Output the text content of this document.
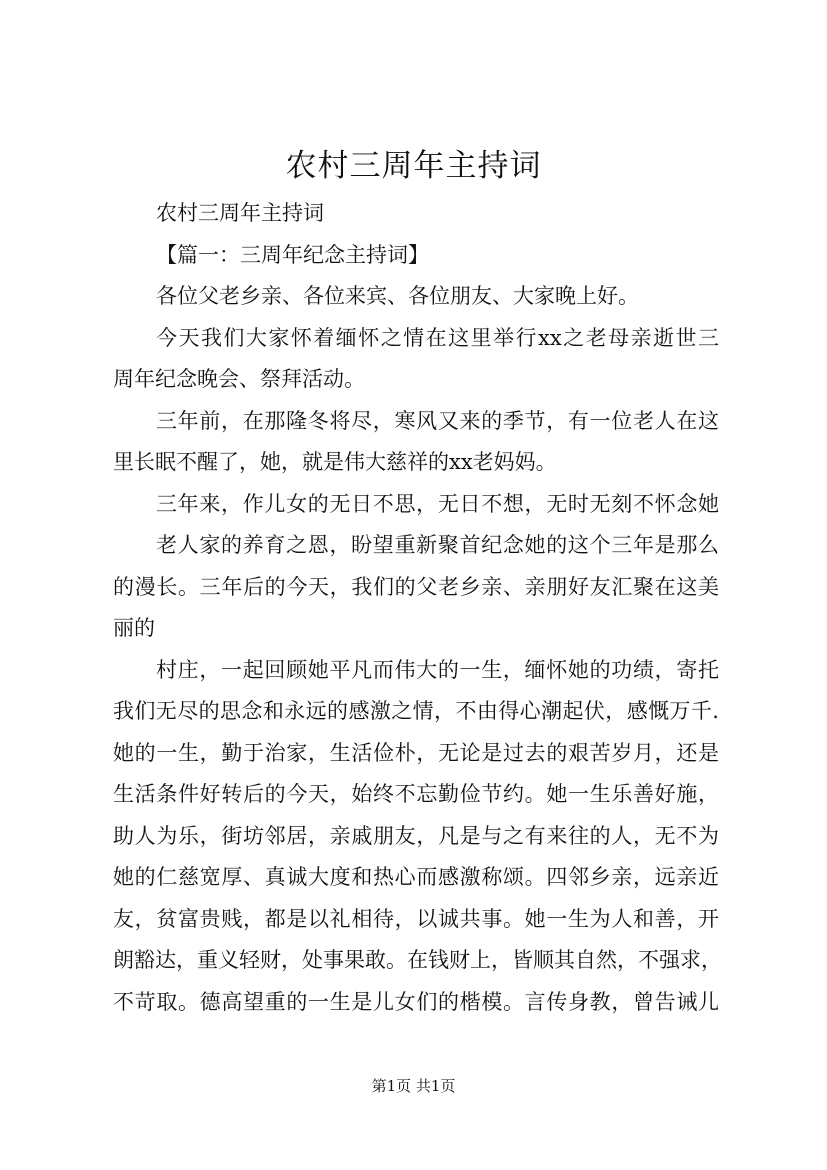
农村三周年主持词
农村三周年主持词
【篇一：三周年纪念主持词】
各位父老乡亲、各位来宾、各位朋友、大家晚上好。
今天我们大家怀着缅怀之情在这里举行xx之老母亲逝世三
周年纪念晚会、祭拜活动。
三年前，在那隆冬将尽，寒风又来的季节，有一位老人在这
里长眠不醒了，她，就是伟大慈祥的xx老妈妈。
三年来，作儿女的无日不思，无日不想，无时无刻不怀念她
老人家的养育之恩，盼望重新聚首纪念她的这个三年是那么
的漫长。三年后的今天，我们的父老乡亲、亲朋好友汇聚在这美
丽的
村庄，一起回顾她平凡而伟大的一生，缅怀她的功绩，寄托
我们无尽的思念和永远的感激之情，不由得心潮起伏，感慨万千.
她的一生，勤于治家，生活俭朴，无论是过去的艰苦岁月，还是
生活条件好转后的今天，始终不忘勤俭节约。她一生乐善好施，
助人为乐，街坊邻居，亲戚朋友，凡是与之有来往的人，无不为
她的仁慈宽厚、真诚大度和热心而感激称颂。四邻乡亲，远亲近
友，贫富贵贱，都是以礼相待，以诚共事。她一生为人和善，开
朗豁达，重义轻财，处事果敢。在钱财上，皆顺其自然，不强求，
不苛取。德高望重的一生是儿女们的楷模。言传身教，曾告诫儿
第1页 共1页
